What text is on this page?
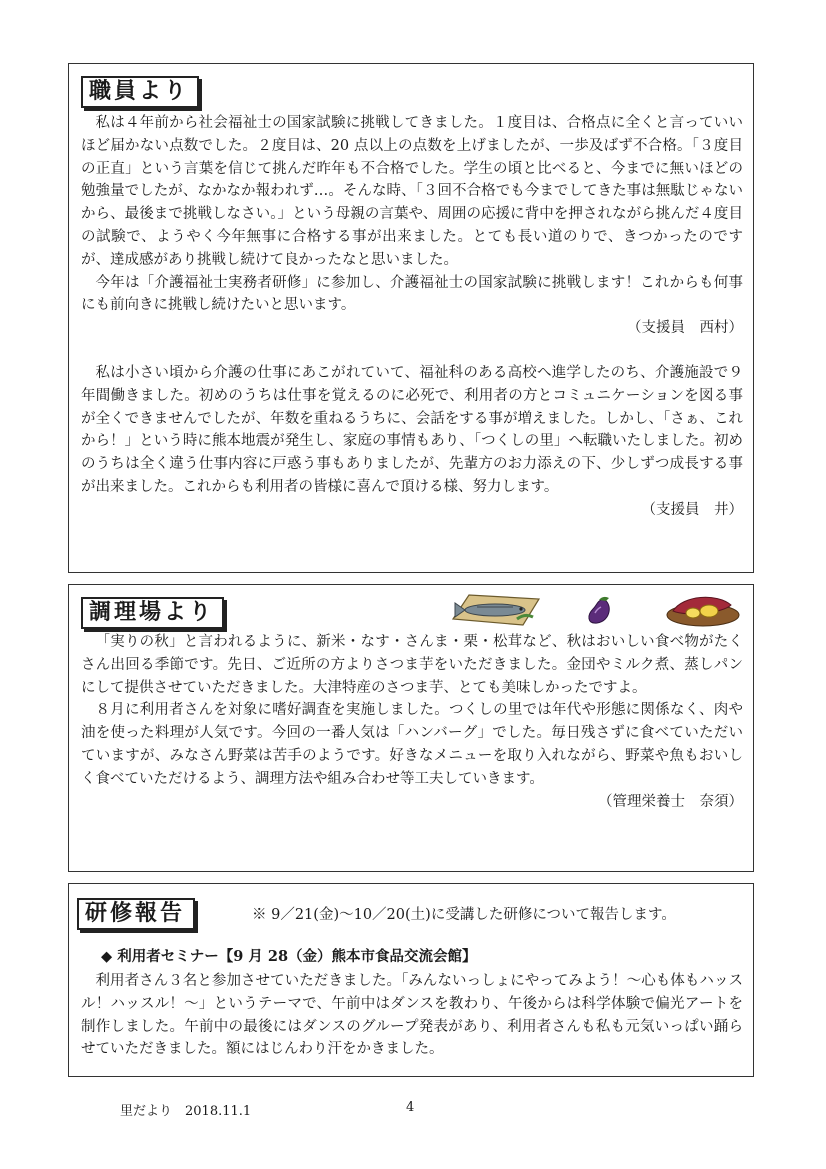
職員より

私は４年前から社会福祉士の国家試験に挑戦してきました。１度目は、合格点に全くと言っていいほど届かない点数でした。２度目は、20 点以上の点数を上げましたが、一歩及ばず不合格。「３度目の正直」という言葉を信じて挑んだ昨年も不合格でした。学生の頃と比べると、今までに無いほどの勉強量でしたが、なかなか報われず…。そんな時、「３回不合格でも今までしてきた事は無駄じゃないから、最後まで挑戦しなさい。」という母親の言葉や、周囲の応援に背中を押されながら挑んだ４度目の試験で、ようやく今年無事に合格する事が出来ました。とても長い道のりで、きつかったのですが、達成感があり挑戦し続けて良かったなと思いました。

今年は「介護福祉士実務者研修」に参加し、介護福祉士の国家試験に挑戦します！これからも何事にも前向きに挑戦し続けたいと思います。

（支援員　西村）

私は小さい頃から介護の仕事にあこがれていて、福祉科のある高校へ進学したのち、介護施設で９年間働きました。初めのうちは仕事を覚えるのに必死で、利用者の方とコミュニケーションを図る事が全くできませんでしたが、年数を重ねるうちに、会話をする事が増えました。しかし、「さぁ、これから！」という時に熊本地震が発生し、家庭の事情もあり、「つくしの里」へ転職いたしました。初めのうちは全く違う仕事内容に戸惑う事もありましたが、先輩方のお力添えの下、少しずつ成長する事が出来ました。これからも利用者の皆様に喜んで頂ける様、努力します。

（支援員　井）
調理場より

「実りの秋」と言われるように、新米・なす・さんま・栗・松茸など、秋はおいしい食べ物がたくさん出回る季節です。先日、ご近所の方よりさつま芋をいただきました。金団やミルク煮、蒸しパンにして提供させていただきました。大津特産のさつま芋、とても美味しかったですよ。

８月に利用者さんを対象に嗜好調査を実施しました。つくしの里では年代や形態に関係なく、肉や油を使った料理が人気です。今回の一番人気は「ハンバーグ」でした。毎日残さずに食べていただいていますが、みなさん野菜は苦手のようです。好きなメニューを取り入れながら、野菜や魚もおいしく食べていただけるよう、調理方法や組み合わせ等工夫していきます。

（管理栄養士　奈須）
研修報告	※ 9／21(金)～10／20(土)に受講した研修について報告します。
◆ 利用者セミナー【9 月 28（金）熊本市食品交流会館】

利用者さん３名と参加させていただきました。「みんないっしょにやってみよう！～心も体もハッスル！ハッスル！～」というテーマで、午前中はダンスを教わり、午後からは科学体験で偏光アートを制作しました。午前中の最後にはダンスのグループ発表があり、利用者さんも私も元気いっぱい踊らせていただきました。額にはじんわり汗をかきました。

里だより　2018.11.1	4
